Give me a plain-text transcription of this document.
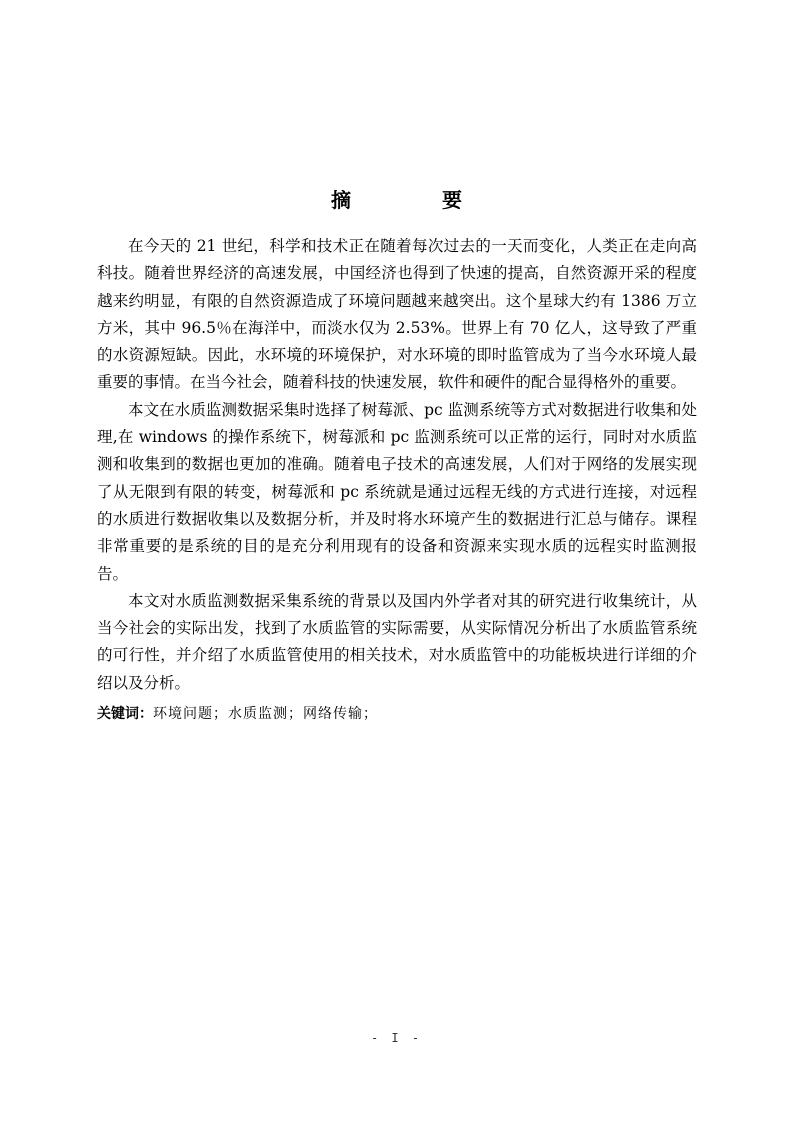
摘 要

在今天的 21 世纪，科学和技术正在随着每次过去的一天而变化，人类正在走向高科技。随着世界经济的高速发展，中国经济也得到了快速的提高，自然资源开采的程度越来约明显，有限的自然资源造成了环境问题越来越突出。这个星球大约有 1386 万立方米，其中 96.5％在海洋中，而淡水仅为 2.53%。世界上有 70 亿人，这导致了严重的水资源短缺。因此，水环境的环境保护，对水环境的即时监管成为了当今水环境人最重要的事情。在当今社会，随着科技的快速发展，软件和硬件的配合显得格外的重要。

本文在水质监测数据采集时选择了树莓派、pc 监测系统等方式对数据进行收集和处理,在 windows 的操作系统下，树莓派和 pc 监测系统可以正常的运行，同时对水质监测和收集到的数据也更加的准确。随着电子技术的高速发展，人们对于网络的发展实现了从无限到有限的转变，树莓派和 pc 系统就是通过远程无线的方式进行连接，对远程的水质进行数据收集以及数据分析，并及时将水环境产生的数据进行汇总与储存。课程非常重要的是系统的目的是充分利用现有的设备和资源来实现水质的远程实时监测报告。

本文对水质监测数据采集系统的背景以及国内外学者对其的研究进行收集统计，从当今社会的实际出发，找到了水质监管的实际需要，从实际情况分析出了水质监管系统的可行性，并介绍了水质监管使用的相关技术，对水质监管中的功能板块进行详细的介绍以及分析。

关键词：环境问题；水质监测；网络传输；
- I -
